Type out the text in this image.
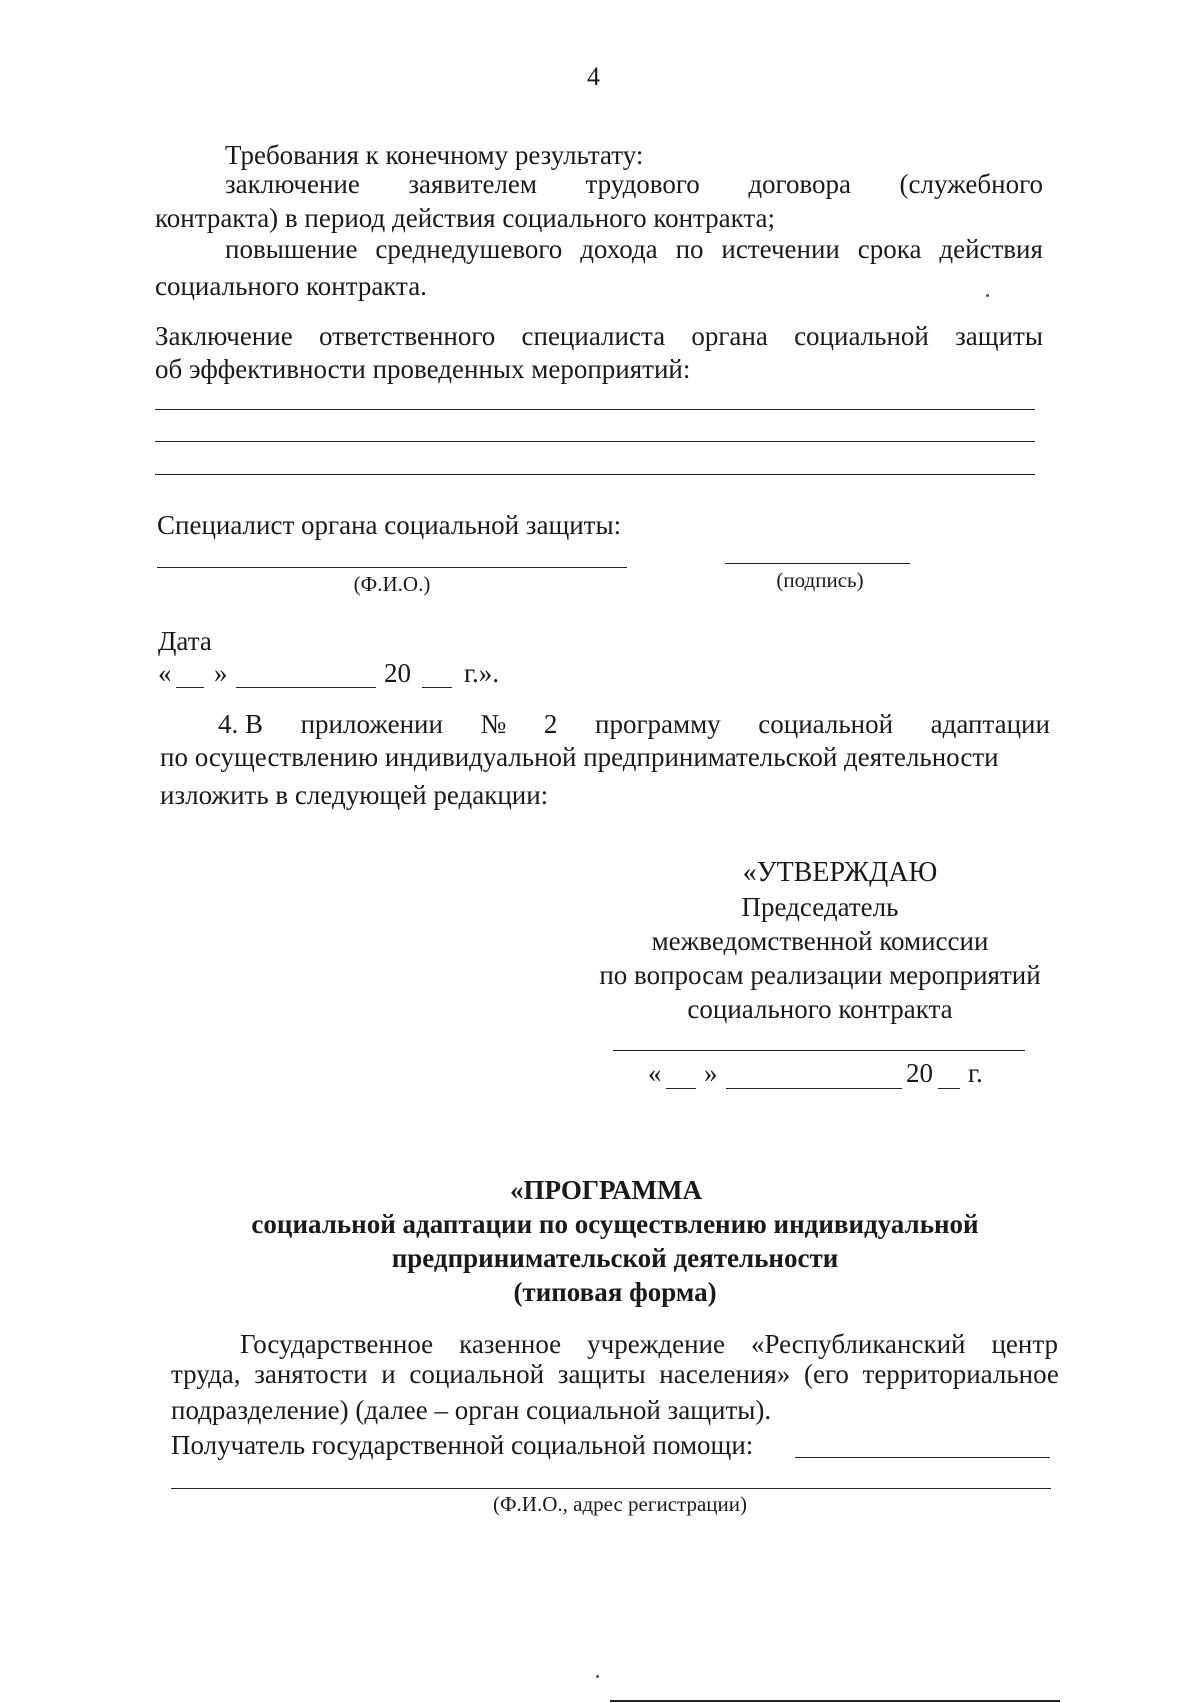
4
Требования к конечному результату:
заключение заявителем трудового договора (служебного
контракта) в период действия социального контракта;
повышение среднедушевого дохода по истечении срока действия
социального контракта.
Заключение ответственного специалиста органа социальной защиты
об эффективности проведенных мероприятий:
Специалист органа социальной защиты:
(Ф.И.О.)	(подпись)
Дата
« »	20 г.».
4. В приложении № 2 программу социальной адаптации
по осуществлению индивидуальной предпринимательской деятельности
изложить в следующей редакции:
«УТВЕРЖДАЮ
Председатель
межведомственной комиссии
по вопросам реализации мероприятий
социального контракта
« »	20 г.
«ПРОГРАММА
социальной адаптации по осуществлению индивидуальной
предпринимательской деятельности
(типовая форма)
Государственное казенное учреждение «Республиканский центр
труда, занятости и социальной защиты населения» (его территориальное
подразделение) (далее – орган социальной защиты).
Получатель государственной социальной помощи:
(Ф.И.О., адрес регистрации)
